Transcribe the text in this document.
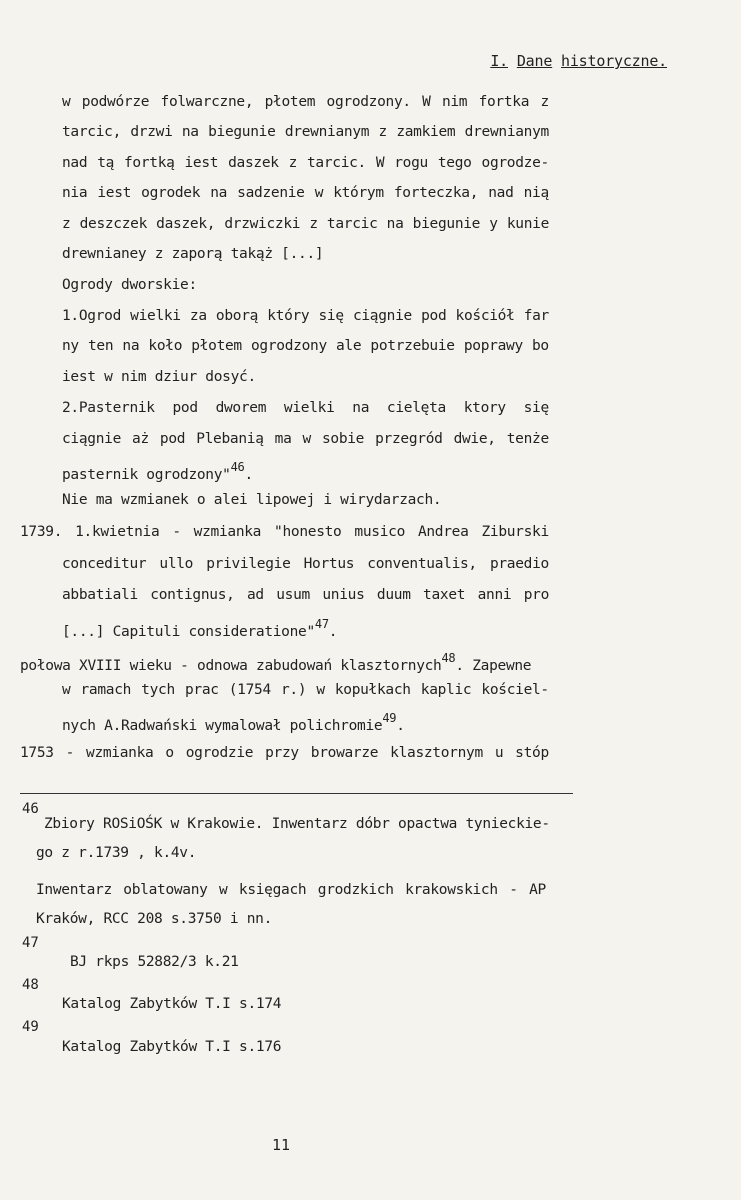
I. Dane historyczne.
w podwórze folwarczne, płotem ogrodzony. W nim fortka z
tarcic, drzwi na biegunie drewnianym z zamkiem drewnianym
nad tą fortką iest daszek z tarcic. W rogu tego ogrodze-
nia iest ogrodek na sadzenie w którym forteczka, nad nią
z deszczek daszek, drzwiczki z tarcic na biegunie y kunie
drewnianey z zaporą takąż [...]
Ogrody dworskie:
1.Ogrod wielki za oborą który się ciągnie pod kościół far
ny ten na koło płotem ogrodzony ale potrzebuie poprawy bo
iest w nim dziur dosyć.
2.Pasternik pod dworem wielki na cielęta ktory się
ciągnie aż pod Plebanią ma w sobie przegród dwie, tenże
pasternik ogrodzony"$^{46}$.
Nie ma wzmianek o alei lipowej i wirydarzach.
1739. 1.kwietnia - wzmianka "honesto musico Andrea Ziburski
conceditur ullo privilegie Hortus conventualis, praedio
abbatiali contignus, ad usum unius duum taxet anni pro
[...] Capituli consideratione"$^{47}$.
połowa XVIII wieku - odnowa zabudowań klasztornych$^{48}$. Zapewne
w ramach tych prac (1754 r.) w kopułkach kaplic kościel-
nych A.Radwański wymalował polichromie$^{49}$.
1753 - wzmianka o ogrodzie przy browarze klasztornym u stóp
46
Zbiory ROSiOŚK w Krakowie. Inwentarz dóbr opactwa tynieckie-
go z r.1739 , k.4v.
Inwentarz oblatowany w księgach grodzkich krakowskich - AP
Kraków, RCC 208 s.3750 i nn.
47
BJ rkps 52882/3 k.21
48
Katalog Zabytków T.I s.174
49
Katalog Zabytków T.I s.176
11
